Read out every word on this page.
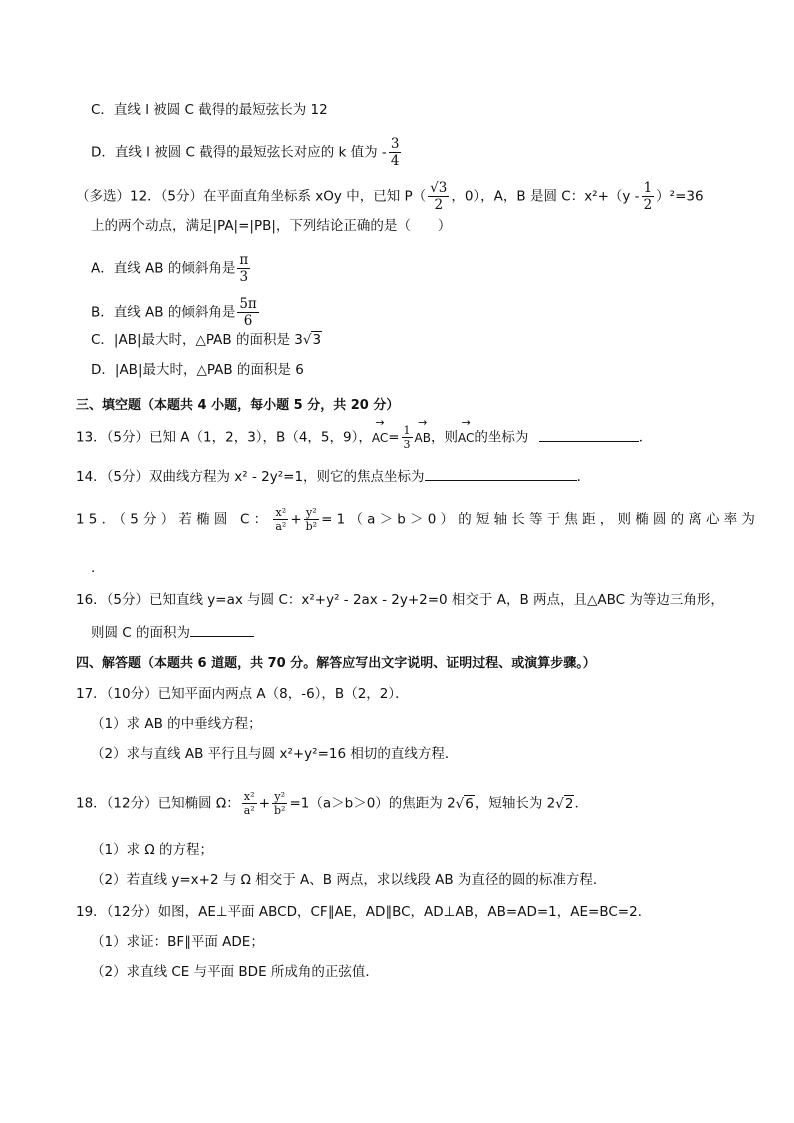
C．直线 l 被圆 C 截得的最短弦长为 12
D．直线 l 被圆 C 截得的最短弦长对应的 k 值为 - $\frac{3}{4}$
（多选）12．（5分）在平面直角坐标系 xOy 中，已知 $P( \frac{√3}{2}$ ，0），A，B 是圆 C：$x^2+(y - \frac{1}{2} )^2=36$
上的两个动点，满足|PA|=|PB|，下列结论正确的是（　　）
A．直线 AB 的倾斜角是 $\frac{\pi}{3}$
B．直线 AB 的倾斜角是 $\frac{5\pi}{6}$
C．|AB|最大时，△PAB 的面积是 3√3
D．|AB|最大时，△PAB 的面积是 6
三、填空题（本题共 4 小题，每小题 5 分，共 20 分）
13．（5分）已知 A（1，2，3），B（4，5，9），→ $AC= \frac{1}{3}$
→ AB，则→ AC的坐标为	．
14．（5分）双曲线方程为 x² - 2y²=1，则它的焦点坐标为	．
15．（5分）若椭圆 C： $\frac{\text{x²}}{\text{a²}} + \frac{\text{y²}}{\text{b²}} =1(a>b>0)$的短轴长等于焦距，则椭圆的离心率为
.
16．（5分）已知直线 y=ax 与圆 C：x²+y² - 2ax - 2y+2=0 相交于 A，B 两点，且△ABC 为等边三角形，
则圆 C 的面积为
四、解答题（本题共 6 道题，共 70 分。解答应写出文字说明、证明过程、或演算步骤。）
17．（10分）已知平面内两点 A（8，-6），B（2，2）．
（1）求 AB 的中垂线方程；
（2）求与直线 AB 平行且与圆 x²+y²=16 相切的直线方程．
18．（12分）已知椭圆 Ω： $\frac{\text{x²}}{\text{a²}} + \frac{\text{y²}}{\text{b²}} =1(a>b>0)$的焦距为 2√6，短轴长为 2√2．
（1）求 Ω 的方程；
（2）若直线 y=x+2 与 Ω 相交于 A、B 两点，求以线段 AB 为直径的圆的标准方程．
19．（12分）如图，AE⊥平面 ABCD，CF∥AE，AD∥BC，AD⊥AB，AB=AD=1，AE=BC=2．
（1）求证：BF∥平面 ADE；
（2）求直线 CE 与平面 BDE 所成角的正弦值．
